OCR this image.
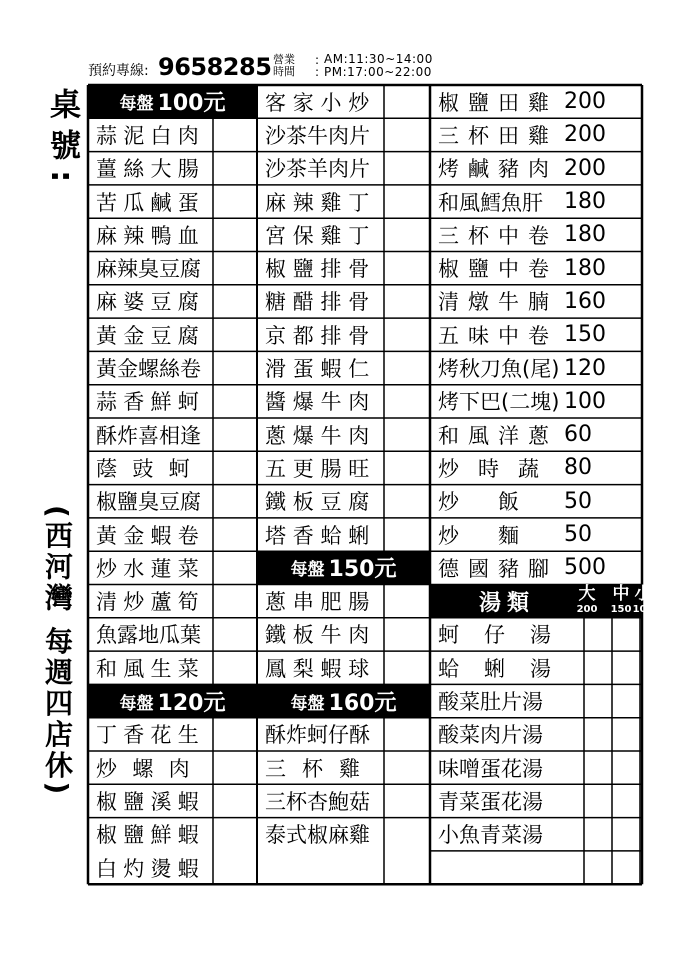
預約專線: 9658285 營業時間
:
:
AM:11:30~14:00
PM:17:00~22:00
桌號:
(西河灣 每週四店休)
每盤 100元
蒜泥白肉
薑絲大腸
苦瓜鹹蛋
麻辣鴨血
麻辣臭豆腐
麻婆豆腐
黃金豆腐
黃金螺絲卷
蒜香鮮蚵
酥炸喜相逢
蔭豉蚵
椒鹽臭豆腐
黃金蝦卷
炒水蓮菜
清炒蘆筍
魚露地瓜葉
和風生菜
每盤 120元
丁香花生
炒螺肉
椒鹽溪蝦
椒鹽鮮蝦
白灼燙蝦
客家小炒
沙茶牛肉片
沙茶羊肉片
麻辣雞丁
宮保雞丁
椒鹽排骨
糖醋排骨
京都排骨
滑蛋蝦仁
醬爆牛肉
蔥爆牛肉
五更腸旺
鐵板豆腐
塔香蛤蜊
每盤 150元
蔥串肥腸
鐵板牛肉
鳳梨蝦球
每盤 160元
酥炸蚵仔酥
三杯雞
三杯杏鮑菇
泰式椒麻雞
椒鹽田雞 200
三杯田雞 200
烤鹹豬肉 200
和風鱈魚肝 180
三杯中卷 180
椒鹽中卷 180
清燉牛腩 160
五味中卷 150
烤秋刀魚(尾) 120
烤下巴(二塊) 100
和風洋蔥 60
炒時蔬 80
炒飯 50
炒麵 50
德國豬腳 500
湯類	大
200
中
150
小
100
蚵仔湯
蛤蜊湯
酸菜肚片湯
酸菜肉片湯
味噌蛋花湯
青菜蛋花湯
小魚青菜湯
